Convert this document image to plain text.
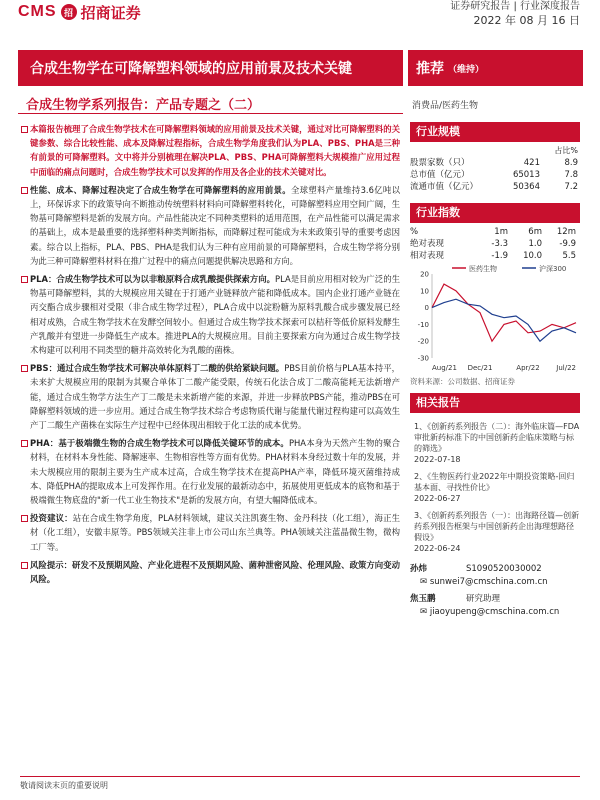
CMS 招 招商证券	证券研究报告 | 行业深度报告
2022 年 08 月 16 日
合成生物学在可降解塑料领域的应用前景及技术关键	推荐 （维持）
合成生物学系列报告：产品专题之（二）	消费品/医药生物

本篇报告梳理了合成生物学技术在可降解塑料领域的应用前景及技术关键，通过对比可降解塑料的关键参数、综合比较性能、成本及降解过程指标，合成生物学角度我们认为PLA、PBS、PHA是三种有前景的可降解塑料。文中将并分别梳理在解决PLA、PBS、PHA可降解塑料大规模推广应用过程中面临的痛点问题时，合成生物学技术可以发挥的作用及各企业的技术关键对比。

性能、成本、降解过程决定了合成生物学在可降解塑料的应用前景。全球塑料产量维持3.6亿吨以上，环保诉求下的政策导向不断推动传统塑料材料向可降解塑料转化，可降解塑料应用空间广阔，生物基可降解塑料是新的发展方向。产品性能决定不同种类塑料的适用范围，在产品性能可以满足需求的基础上，成本是最重要的选择塑料种类判断指标，而降解过程可能成为未来政策引导的重要考虑因素。综合以上指标，PLA、PBS、PHA是我们认为三种有应用前景的可降解塑料，合成生物学将分别为此三种可降解塑料材料在推广过程中的痛点问题提供解决思路和方向。

PLA：合成生物学技术可以为以非粮原料合成乳酸提供探索方向。PLA是目前应用相对较为广泛的生物基可降解塑料，其的大规模应用关键在于打通产业链释放产能和降低成本。国内企业打通产业链在丙交酯合成步骤相对受限（非合成生物学过程），PLA合成中以淀粉糖为原料乳酸合成步骤发展已经相对成熟，合成生物学技术在发酵空间较小。但通过合成生物学技术探索可以桔秆等低价原料发酵生产乳酸并有望进一步降低生产成本。推进PLA的大规模应用。目前主要探索方向为通过合成生物学技术构建可以利用不同类型的糖并高效转化为乳酸的菌株。

PBS：通过合成生物学技术可解决单体原料丁二酸的供给紧缺问题。PBS目前价格与PLA基本持平，未来扩大规模应用的限制为其聚合单体丁二酸产能受限，传统石化法合成丁二酸高能耗无法新增产能，通过合成生物学方法生产丁二酸是未来新增产能的来源，并进一步释放PBS产能，推动PBS在可降解塑料领域的进一步应用。通过合成生物学技术综合考虑物质代谢与能量代谢过程构建可以高效生产丁二酸生产菌株在实际生产过程中已经体现出相较于化工法的成本优势。

PHA：基于极端微生物的合成生物学技术可以降低关键环节的成本。PHA本身为天然产生物的聚合材料，在材料本身性能、降解速率、生物相容性等方面有优势。PHA材料本身经过数十年的发展，并未大规模应用的限制主要为生产成本过高，合成生物学技术在提高PHA产率，降低环境灭菌维持成本、降低PHA的提取成本上可发挥作用。在行业发展的最新动态中，拓展使用更低成本的底物和基于极端微生物底盘的"新一代工业生物技术"是新的发展方向，有望大幅降低成本。

投资建议：站在合成生物学角度，PLA材料领域，建议关注凯赛生物、金丹科技（化工组），海正生材（化工组），安徽丰原等。PBS领域关注非上市公司山东兰典等。PHA领域关注蓝晶微生物，微构工厂等。

风险提示：研发不及预期风险、产业化进程不及预期风险、菌种泄密风险、伦理风险、政策方向变动风险。

行业规模
占比%
股票家数（只）	421	8.9
总市值（亿元）	65013	7.8
流通市值（亿元）	50364	7.2
行业指数
%	1m	6m	12m
绝对表现	-3.3	1.0	-9.9
相对表现	-1.9	10.0	5.5
医药生物	沪深300
20
10
0
-10
-20
-30
Aug/21 Dec/21	Apr/22 Jul/22
资料来源：公司数据、招商证券
相关报告
1、《创新药系列报告（二）：海外临床篇—FDA审批新药标准下的中国创新药企临床策略与标的筛选》
2022-07-18
2、《生物医药行业2022年中期投资策略-回归基本面、寻找性价比》
2022-06-27
3、《创新药系列报告（一）：出海路径篇—创新药系列报告框架与中国创新药企出海理想路径假设》
2022-06-24
孙炜	S1090520030002
✉ sunwei7@cmschina.com.cn
焦玉鹏	研究助理
✉ jiaoyupeng@cmschina.com.cn
敬请阅读末页的重要说明
